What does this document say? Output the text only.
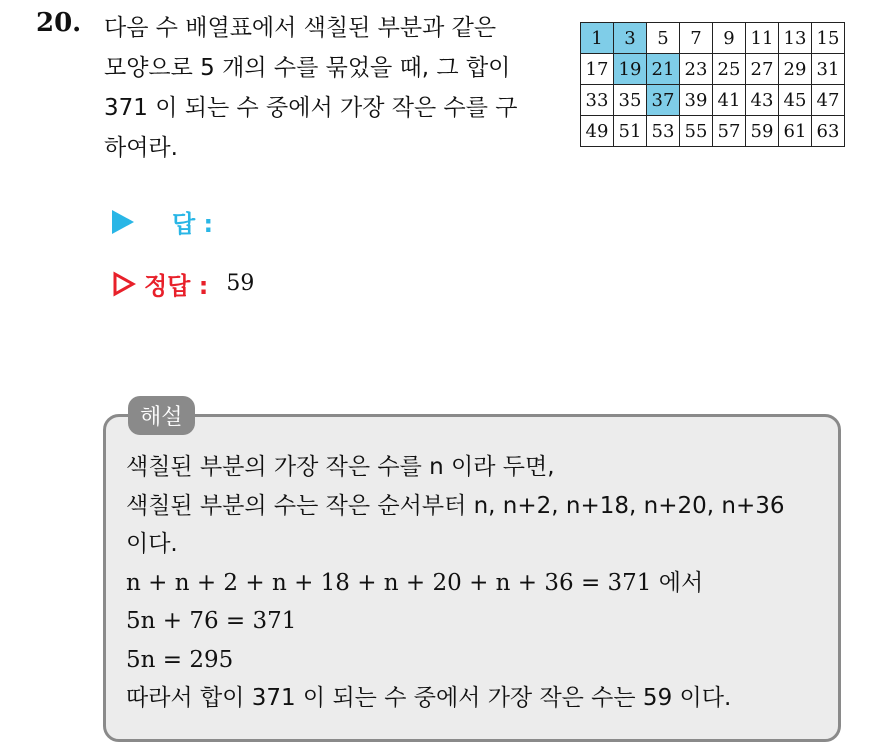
20. 다음 수 배열표에서 색칠된 부분과 같은
모양으로 5 개의 수를 묶었을 때, 그 합이
371 이 되는 수 중에서 가장 작은 수를 구
하여라.
1	3	5	7	9	11	13	15
17	19	21	23	25	27	29	31
33	35	37	39	41	43	45	47
49	51	53	55	57	59	61	63
답 :
정답 : 59
해설
색칠된 부분의 가장 작은 수를 n 이라 두면,
색칠된 부분의 수는 작은 순서부터 n, n+2, n+18, n+20, n+36
이다.
n + n + 2 + n + 18 + n + 20 + n + 36 = 371 에서
5n + 76 = 371
5n = 295
따라서 합이 371 이 되는 수 중에서 가장 작은 수는 59 이다.
